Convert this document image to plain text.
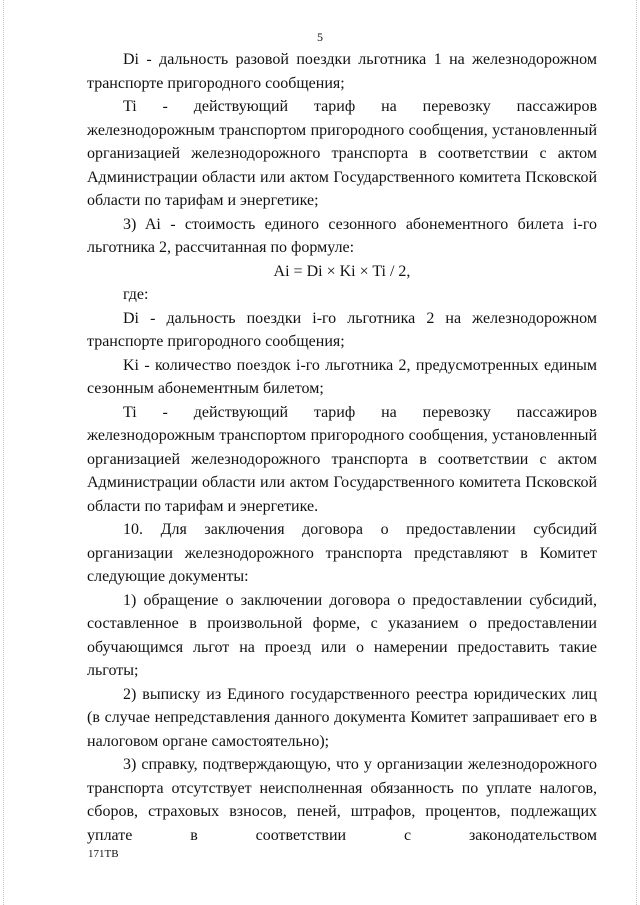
5

Di - дальность разовой поездки льготника 1 на железнодорожном транспорте пригородного сообщения;

Ti - действующий тариф на перевозку пассажиров железнодорожным транспортом пригородного сообщения, установленный организацией железнодорожного транспорта в соответствии с актом Администрации области или актом Государственного комитета Псковской области по тарифам и энергетике;

3) Ai - стоимость единого сезонного абонементного билета i-го льготника 2, рассчитанная по формуле:

Ai = Di × Ki × Ti / 2,

где:

Di - дальность поездки i-го льготника 2 на железнодорожном транспорте пригородного сообщения;

Ki - количество поездок i-го льготника 2, предусмотренных единым сезонным абонементным билетом;

Ti - действующий тариф на перевозку пассажиров железнодорожным транспортом пригородного сообщения, установленный организацией железнодорожного транспорта в соответствии с актом Администрации области или актом Государственного комитета Псковской области по тарифам и энергетике.

10. Для заключения договора о предоставлении субсидий организации железнодорожного транспорта представляют в Комитет следующие документы:

1) обращение о заключении договора о предоставлении субсидий, составленное в произвольной форме, с указанием о предоставлении обучающимся льгот на проезд или о намерении предоставить такие льготы;

2) выписку из Единого государственного реестра юридических лиц (в случае непредставления данного документа Комитет запрашивает его в налоговом органе самостоятельно);

3) справку, подтверждающую, что у организации железнодорожного транспорта отсутствует неисполненная обязанность по уплате налогов, сборов, страховых взносов, пеней, штрафов, процентов, подлежащих уплате в соответствии с законодательством

171ТВ
